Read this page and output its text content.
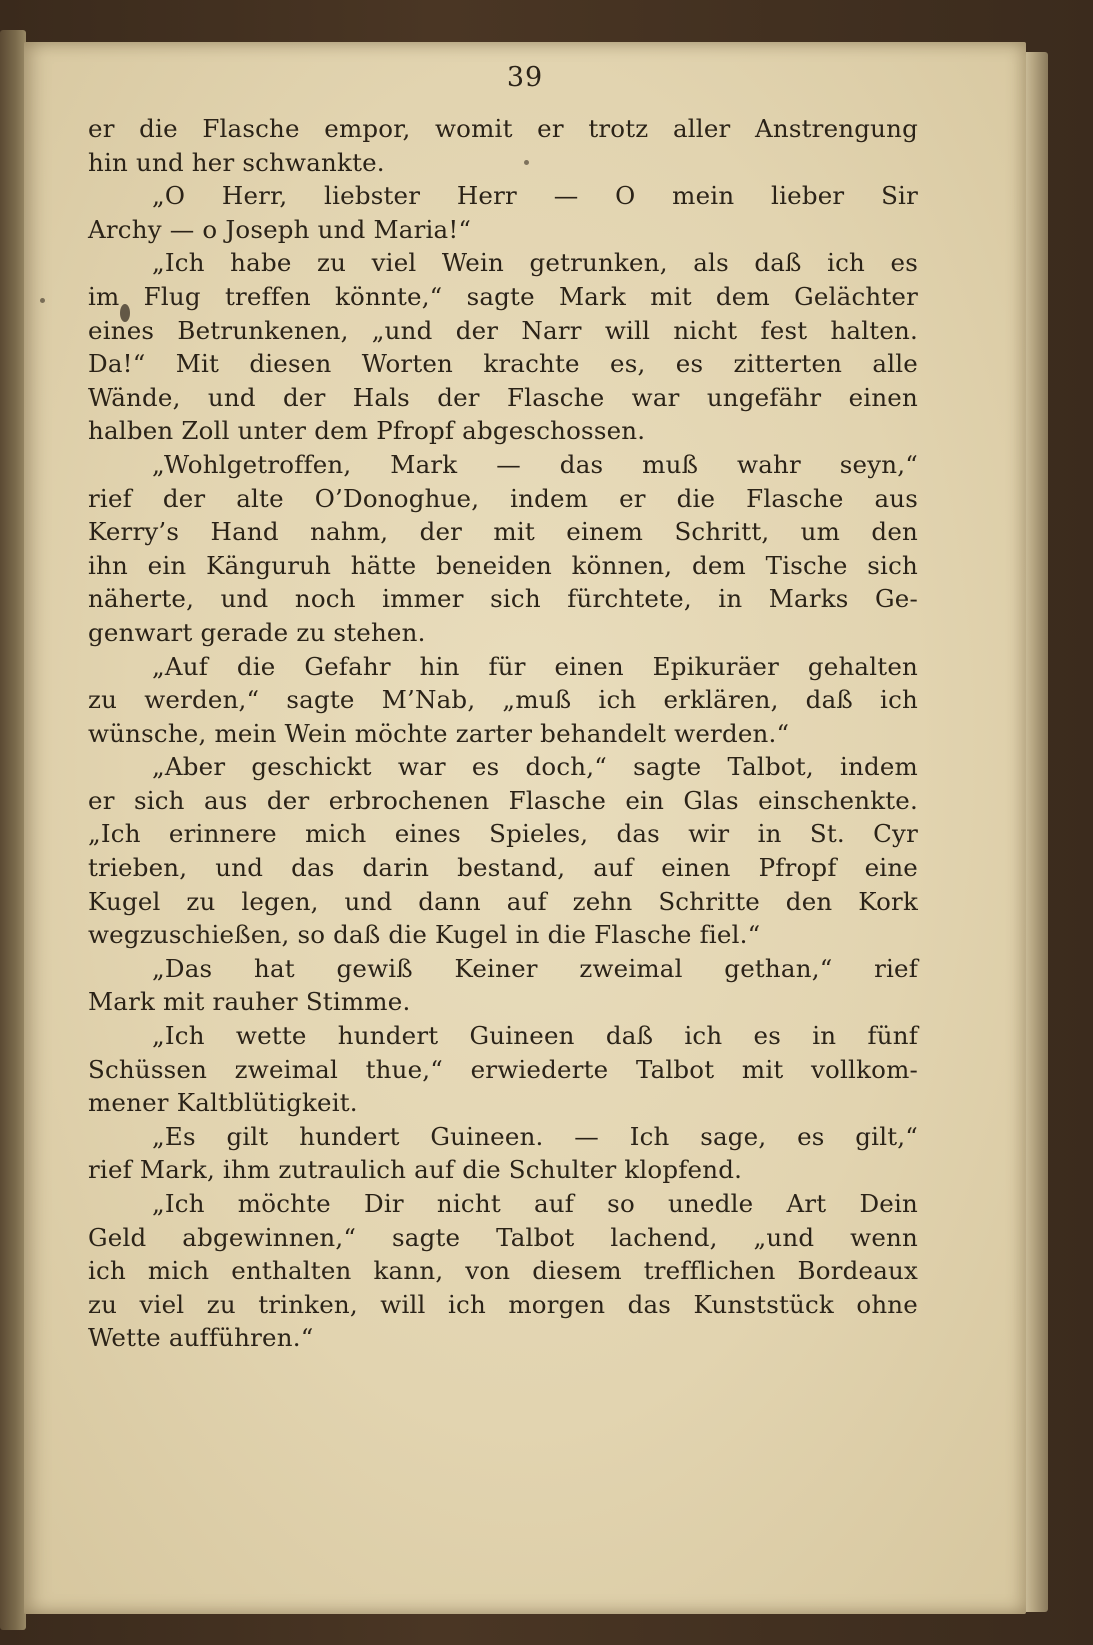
39
er die Flasche empor, womit er trotz aller Anstrengung
hin und her schwankte.
„O Herr, liebster Herr — O mein lieber Sir
Archy — o Joseph und Maria!“
„Ich habe zu viel Wein getrunken, als daß ich es
im Flug treffen könnte,“ sagte Mark mit dem Gelächter
eines Betrunkenen, „und der Narr will nicht fest halten.
Da!“ Mit diesen Worten krachte es, es zitterten alle
Wände, und der Hals der Flasche war ungefähr einen
halben Zoll unter dem Pfropf abgeschossen.
„Wohlgetroffen, Mark — das muß wahr seyn,“
rief der alte O’Donoghue, indem er die Flasche aus
Kerry’s Hand nahm, der mit einem Schritt, um den
ihn ein Känguruh hätte beneiden können, dem Tische sich
näherte, und noch immer sich fürchtete, in Marks Ge-
genwart gerade zu stehen.
„Auf die Gefahr hin für einen Epikuräer gehalten
zu werden,“ sagte M’Nab, „muß ich erklären, daß ich
wünsche, mein Wein möchte zarter behandelt werden.“
„Aber geschickt war es doch,“ sagte Talbot, indem
er sich aus der erbrochenen Flasche ein Glas einschenkte.
„Ich erinnere mich eines Spieles, das wir in St. Cyr
trieben, und das darin bestand, auf einen Pfropf eine
Kugel zu legen, und dann auf zehn Schritte den Kork
wegzuschießen, so daß die Kugel in die Flasche fiel.“
„Das hat gewiß Keiner zweimal gethan,“ rief
Mark mit rauher Stimme.
„Ich wette hundert Guineen daß ich es in fünf
Schüssen zweimal thue,“ erwiederte Talbot mit vollkom-
mener Kaltblütigkeit.
„Es gilt hundert Guineen. — Ich sage, es gilt,“
rief Mark, ihm zutraulich auf die Schulter klopfend.
„Ich möchte Dir nicht auf so unedle Art Dein
Geld abgewinnen,“ sagte Talbot lachend, „und wenn
ich mich enthalten kann, von diesem trefflichen Bordeaux
zu viel zu trinken, will ich morgen das Kunststück ohne
Wette aufführen.“
